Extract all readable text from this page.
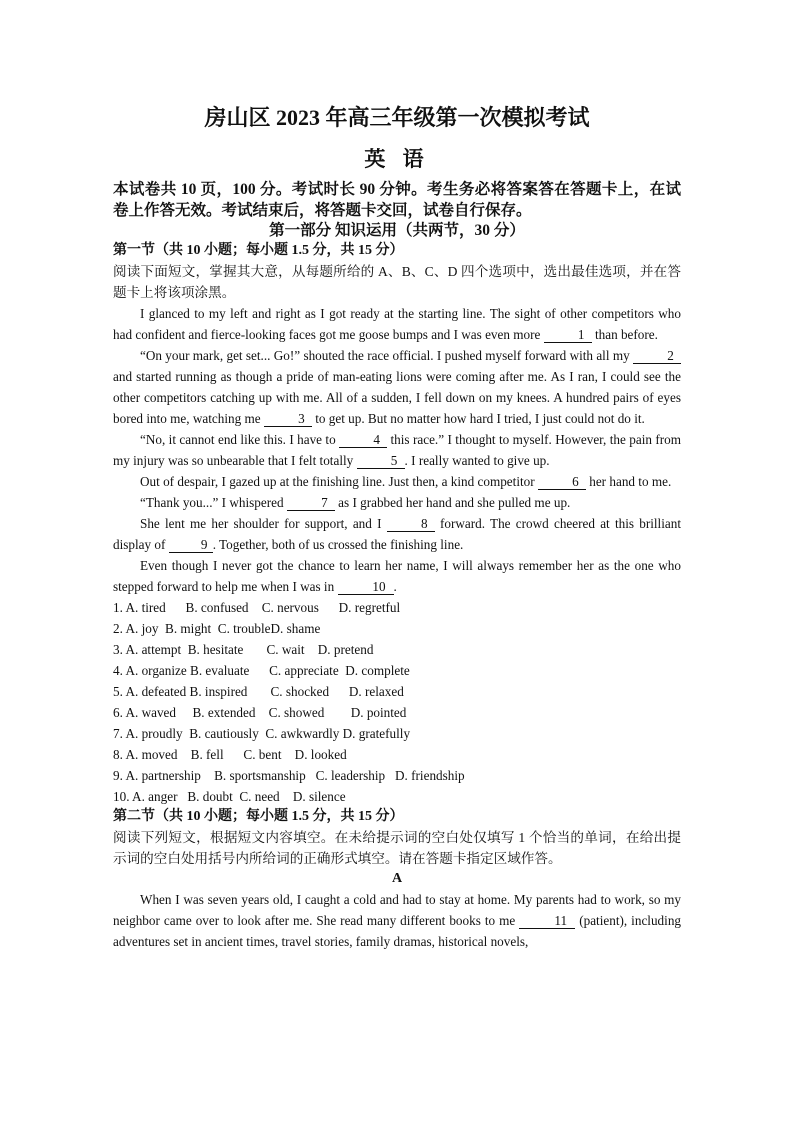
房山区 2023 年高三年级第一次模拟考试
英 语
本试卷共 10 页，100 分。考试时长 90 分钟。考生务必将答案答在答题卡上，在试卷上作答无效。考试结束后，将答题卡交回，试卷自行保存。
第一部分 知识运用（共两节，30 分）
第一节（共 10 小题；每小题 1.5 分，共 15 分）
阅读下面短文，掌握其大意，从每题所给的 A、B、C、D 四个选项中，选出最佳选项，并在答题卡上将该项涂黑。
I glanced to my left and right as I got ready at the starting line. The sight of other competitors who had confident and fierce-looking faces got me goose bumps and I was even more	1 than before.
“On your mark, get set... Go!” shouted the race official. I pushed myself forward with all my	2 and started running as though a pride of man-eating lions were coming after me. As I ran, I could see the other competitors catching up with me. All of a sudden, I fell down on my knees. A hundred pairs of eyes bored into me, watching me	3 to get up. But no matter how hard I tried, I just could not do it.
“No, it cannot end like this. I have to	4 this race.” I thought to myself. However, the pain from my injury was so unbearable that I felt totally	5 . I really wanted to give up.
Out of despair, I gazed up at the finishing line. Just then, a kind competitor	6 her hand to me.
“Thank you...” I whispered	7 as I grabbed her hand and she pulled me up.
She lent me her shoulder for support, and I	8 forward. The crowd cheered at this brilliant display of 9 . Together, both of us crossed the finishing line.
Even though I never got the chance to learn her name, I will always remember her as the one who stepped forward to help me when I was in	10 .
1. A. tired      B. confused    C. nervous      D. regretful
2. A. joy  B. might  C. troubleD. shame
3. A. attempt  B. hesitate       C. wait    D. pretend
4. A. organize B. evaluate      C. appreciate  D. complete
5. A. defeated B. inspired       C. shocked      D. relaxed
6. A. waved     B. extended    C. showed        D. pointed
7. A. proudly  B. cautiously  C. awkwardly D. gratefully
8. A. moved    B. fell      C. bent    D. looked
9. A. partnership    B. sportsmanship   C. leadership   D. friendship
10. A. anger   B. doubt  C. need    D. silence
第二节（共 10 小题；每小题 1.5 分，共 15 分）
阅读下列短文，根据短文内容填空。在未给提示词的空白处仅填写 1 个恰当的单词，在给出提示词的空白处用括号内所给词的正确形式填空。请在答题卡指定区域作答。
A
When I was seven years old, I caught a cold and had to stay at home. My parents had to work, so my neighbor came over to look after me. She read many different books to me	11 (patient), including adventures set in ancient times, travel stories, family dramas, historical novels,
